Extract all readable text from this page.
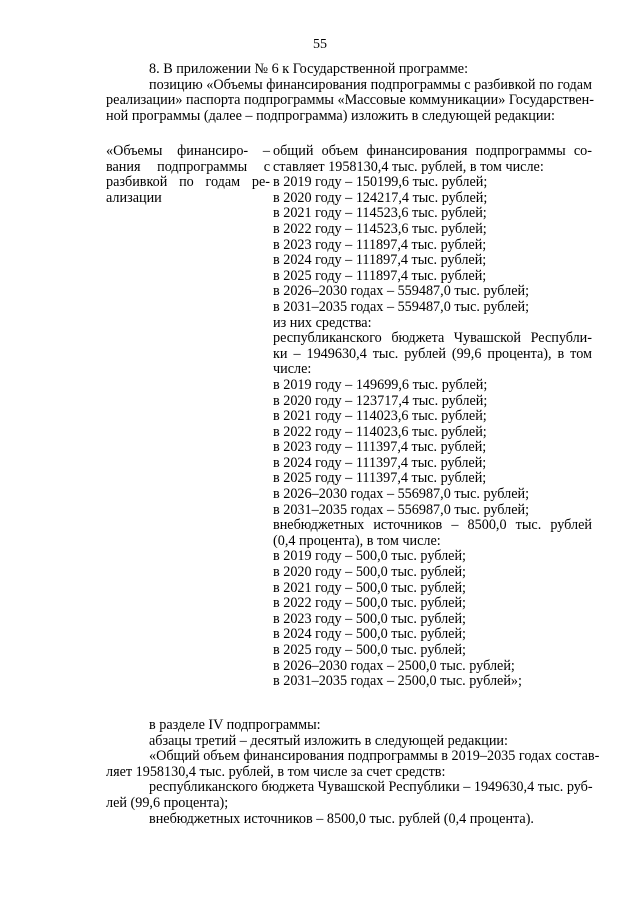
55
8. В приложении № 6 к Государственной программе:
позицию «Объемы финансирования подпрограммы с разбивкой по годам
реализации» паспорта подпрограммы «Массовые коммуникации» Государствен-
ной программы (далее – подпрограмма) изложить в следующей редакции:
«Объемы финансиро- –
вания подпрограммы с
разбивкой по годам ре-
ализации
общий объем финансирования подпрограммы со-
ставляет 1958130,4 тыс. рублей, в том числе:
в 2019 году – 150199,6 тыс. рублей;
в 2020 году – 124217,4 тыс. рублей;
в 2021 году – 114523,6 тыс. рублей;
в 2022 году – 114523,6 тыс. рублей;
в 2023 году – 111897,4 тыс. рублей;
в 2024 году – 111897,4 тыс. рублей;
в 2025 году – 111897,4 тыс. рублей;
в 2026–2030 годах – 559487,0 тыс. рублей;
в 2031–2035 годах – 559487,0 тыс. рублей;
из них средства:
республиканского бюджета Чувашской Республи-
ки – 1949630,4 тыс. рублей (99,6 процента), в том
числе:
в 2019 году – 149699,6 тыс. рублей;
в 2020 году – 123717,4 тыс. рублей;
в 2021 году – 114023,6 тыс. рублей;
в 2022 году – 114023,6 тыс. рублей;
в 2023 году – 111397,4 тыс. рублей;
в 2024 году – 111397,4 тыс. рублей;
в 2025 году – 111397,4 тыс. рублей;
в 2026–2030 годах – 556987,0 тыс. рублей;
в 2031–2035 годах – 556987,0 тыс. рублей;
внебюджетных источников – 8500,0 тыс. рублей
(0,4 процента), в том числе:
в 2019 году – 500,0 тыс. рублей;
в 2020 году – 500,0 тыс. рублей;
в 2021 году – 500,0 тыс. рублей;
в 2022 году – 500,0 тыс. рублей;
в 2023 году – 500,0 тыс. рублей;
в 2024 году – 500,0 тыс. рублей;
в 2025 году – 500,0 тыс. рублей;
в 2026–2030 годах – 2500,0 тыс. рублей;
в 2031–2035 годах – 2500,0 тыс. рублей»;
в разделе IV подпрограммы:
абзацы третий – десятый изложить в следующей редакции:
«Общий объем финансирования подпрограммы в 2019–2035 годах состав-
ляет 1958130,4 тыс. рублей, в том числе за счет средств:
республиканского бюджета Чувашской Республики – 1949630,4 тыс. руб-
лей (99,6 процента);
внебюджетных источников – 8500,0 тыс. рублей (0,4 процента).
